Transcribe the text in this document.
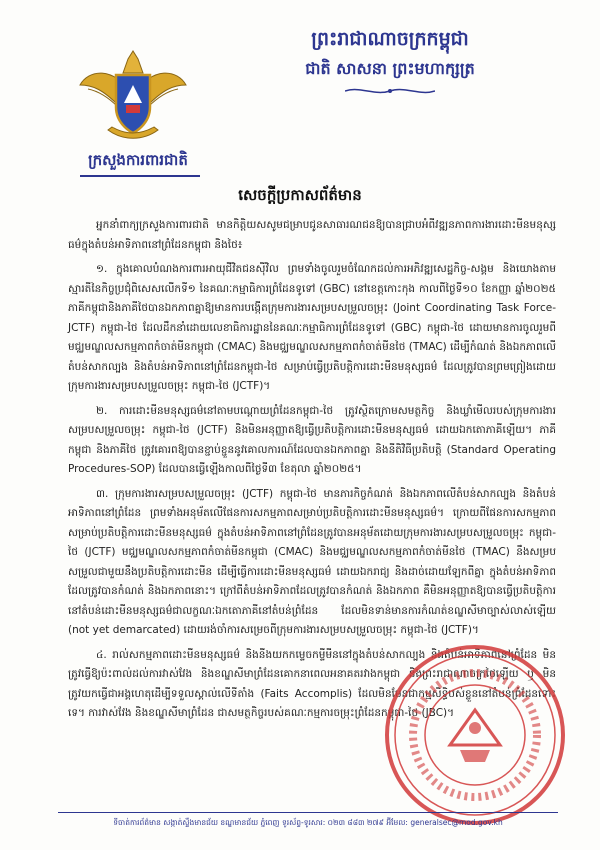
ព្រះរាជាណាចក្រកម្ពុជា
ជាតិ សាសនា ព្រះមហាក្សត្រ
ក្រសួងការពារជាតិ
សេចក្តីប្រកាសព័ត៌មាន

អ្នកនាំពាក្យក្រសួងការពារជាតិ មានកិត្តិយសសូមជម្រាបជូនសាធារណជនឱ្យបានជ្រាបអំពីវឌ្ឍនភាពការងារដោះមីនមនុស្សធម៌ក្នុងតំបន់អាទិភាពនៅព្រំដែនកម្ពុជា និងថៃ៖

១. ក្នុងគោលបំណងការពារអាយុជីវិតជនស៊ីវិល ព្រមទាំងចូលរួមចំណែកដល់ការអភិវឌ្ឍសេដ្ឋកិច្ច-សង្គម និងយោងតាមស្មារតីនៃកិច្ចប្រជុំពិសេសលើកទី១ នៃគណៈកម្មាធិការព្រំដែនទូទៅ (GBC) នៅខេត្តកោះកុង កាលពីថ្ងៃទី១០ ខែកញ្ញា ឆ្នាំ២០២៥ ភាគីកម្ពុជានិងភាគីថៃបានឯកភាពគ្នាឱ្យមានការបង្កើតក្រុមការងារសម្របសម្រួលចម្រុះ (Joint Coordinating Task Force-JCTF) កម្ពុជា-ថៃ ដែលដឹកនាំដោយលេខាធិការដ្ឋាននៃគណៈកម្មាធិការព្រំដែនទូទៅ (GBC) កម្ពុជា-ថៃ ដោយមានការចូលរួមពីមជ្ឈមណ្ឌលសកម្មភាពកំចាត់មីនកម្ពុជា (CMAC) និងមជ្ឈមណ្ឌលសកម្មភាពកំចាត់មីនថៃ (TMAC) ដើម្បីកំណត់ និងឯកភាពលើតំបន់សាកល្បង និងតំបន់អាទិភាពនៅព្រំដែនកម្ពុជា-ថៃ សម្រាប់ធ្វើប្រតិបត្តិការដោះមីនមនុស្សធម៌ ដែលត្រូវបានព្រមព្រៀងដោយក្រុមការងារសម្របសម្រួលចម្រុះ កម្ពុជា-ថៃ (JCTF)។

២. ការដោះមីនមនុស្សធម៌នៅតាមបណ្តោយព្រំដែនកម្ពុជា-ថៃ ត្រូវស្ថិតក្រោមសមត្ថកិច្ច និងឃ្លាំមើលរបស់ក្រុមការងារសម្របសម្រួលចម្រុះ កម្ពុជា-ថៃ (JCTF) និងមិនអនុញ្ញាតឱ្យធ្វើប្រតិបត្តិការដោះមីនមនុស្សធម៌ ដោយឯកតោភាគីឡើយ។ ភាគីកម្ពុជា និងភាគីថៃ ត្រូវគោរពឱ្យបានខ្ជាប់ខ្ជួននូវគោលការណ៍ដែលបានឯកភាពគ្នា និងនីតិវិធីប្រតិបត្តិ (Standard Operating Procedures-SOP) ដែលបានធ្វើឡើងកាលពីថ្ងៃទី៣ ខែតុលា ឆ្នាំ២០២៥។

៣. ក្រុមការងារសម្របសម្រួលចម្រុះ (JCTF) កម្ពុជា-ថៃ មានភារកិច្ចកំណត់ និងឯកភាពលើតំបន់សាកល្បង និងតំបន់អាទិភាពនៅព្រំដែន ព្រមទាំងអនុម័តលើផែនការសកម្មភាពសម្រាប់ប្រតិបត្តិការដោះមីនមនុស្សធម៌។ ក្រោយពីផែនការសកម្មភាពសម្រាប់ប្រតិបត្តិការដោះមីនមនុស្សធម៌ ក្នុងតំបន់អាទិភាពនៅព្រំដែនត្រូវបានអនុម័តដោយក្រុមការងារសម្របសម្រួលចម្រុះ កម្ពុជា-ថៃ (JCTF) មជ្ឈមណ្ឌលសកម្មភាពកំចាត់មីនកម្ពុជា (CMAC) និងមជ្ឈមណ្ឌលសកម្មភាពកំចាត់មីនថៃ (TMAC) នឹងសម្របសម្រួលជាមួយនឹងប្រតិបត្តិការដោះមីន ដើម្បីធ្វើការដោះមីនមនុស្សធម៌ ដោយឯករាជ្យ និងដាច់ដោយឡែកពីគ្នា ក្នុងតំបន់អាទិភាពដែលត្រូវបានកំណត់ និងឯកភាពនោះ។ ក្រៅពីតំបន់អាទិភាពដែលត្រូវបានកំណត់ និងឯកភាព គឺមិនអនុញ្ញាតឱ្យបានធ្វើប្រតិបត្តិការនៅតំបន់ដោះមីនមនុស្សធម៌ជាលក្ខណៈឯកតោភាគីនៅតំបន់ព្រំដែន ដែលមិនទាន់មានការកំណត់ខណ្ឌសីមាច្បាស់លាស់ឡើយ (not yet demarcated) ដោយរង់ចាំការសម្រេចពីក្រុមការងារសម្របសម្រួលចម្រុះ កម្ពុជា-ថៃ (JCTF)។

៤. រាល់សកម្មភាពដោះមីនមនុស្សធម៌ និងនីងយកកម្ទេចកម្ទីមីននៅក្នុងតំបន់សាកល្បង និងតំបន់អាទិភាពនៅព្រំដែន មិនត្រូវធ្វើឱ្យប៉ះពាល់ដល់ការវាស់វែង និងខណ្ឌសីមាព្រំដែនគោកនាពេលអនាគតរវាងកម្ពុជា និងព្រះរាជាណាចក្រថៃឡើយ ឬ មិនត្រូវយកធ្វើជាអង្គហេតុដើម្បីទទួលស្គាល់លើទីតាំង (Faits Accomplis) ដែលមិនមែនជាកម្មសិទ្ធិបស់ខ្លួននៅតំបន់ព្រំដែនទោះទេ។ ការវាស់វែង និងខណ្ឌសីមាព្រំដែន ជាសមត្ថកិច្ចរបស់គណៈកម្មការចម្រុះព្រំដែនកម្ពុជា-ថៃ (JBC)។

ទីចាត់ការព័ត៌មាន សង្កាត់ស្ទឹងមានជ័យ ខណ្ឌមានជ័យ ភ្នំពេញ ទូរស័ព្ទ-ទូរសារ: ០២៣ ៨៨៣ ២៧៩ អ៊ីមែល: generalsec@mod.gov.kh
